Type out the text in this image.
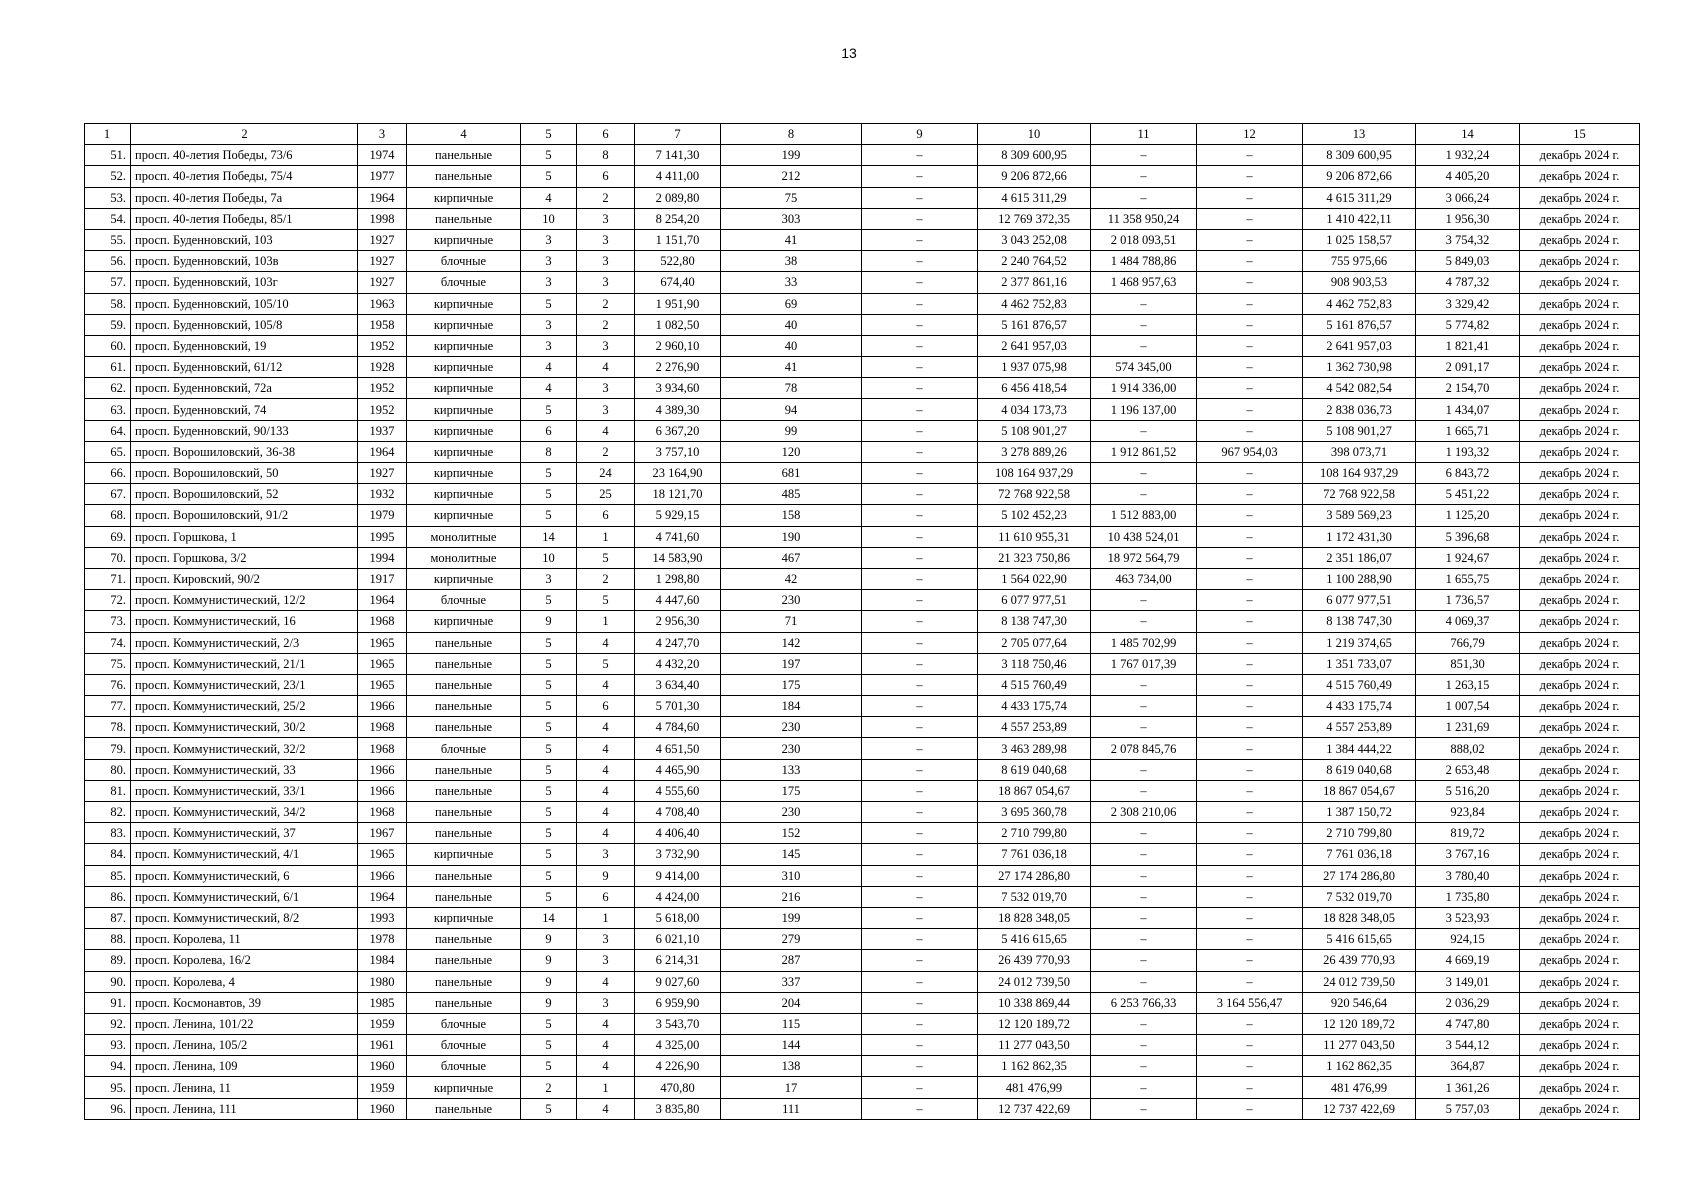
13
1	2	3	4	5	6	7	8	9	10	11	12	13	14	15
51.	просп. 40-летия Победы, 73/6	1974	панельные	5	8	7 141,30	199	–	8 309 600,95	–	–	8 309 600,95	1 932,24	декабрь 2024 г.
52.	просп. 40-летия Победы, 75/4	1977	панельные	5	6	4 411,00	212	–	9 206 872,66	–	–	9 206 872,66	4 405,20	декабрь 2024 г.
53.	просп. 40-летия Победы, 7а	1964	кирпичные	4	2	2 089,80	75	–	4 615 311,29	–	–	4 615 311,29	3 066,24	декабрь 2024 г.
54.	просп. 40-летия Победы, 85/1	1998	панельные	10	3	8 254,20	303	–	12 769 372,35	11 358 950,24	–	1 410 422,11	1 956,30	декабрь 2024 г.
55.	просп. Буденновский, 103	1927	кирпичные	3	3	1 151,70	41	–	3 043 252,08	2 018 093,51	–	1 025 158,57	3 754,32	декабрь 2024 г.
56.	просп. Буденновский, 103в	1927	блочные	3	3	522,80	38	–	2 240 764,52	1 484 788,86	–	755 975,66	5 849,03	декабрь 2024 г.
57.	просп. Буденновский, 103г	1927	блочные	3	3	674,40	33	–	2 377 861,16	1 468 957,63	–	908 903,53	4 787,32	декабрь 2024 г.
58.	просп. Буденновский, 105/10	1963	кирпичные	5	2	1 951,90	69	–	4 462 752,83	–	–	4 462 752,83	3 329,42	декабрь 2024 г.
59.	просп. Буденновский, 105/8	1958	кирпичные	3	2	1 082,50	40	–	5 161 876,57	–	–	5 161 876,57	5 774,82	декабрь 2024 г.
60.	просп. Буденновский, 19	1952	кирпичные	3	3	2 960,10	40	–	2 641 957,03	–	–	2 641 957,03	1 821,41	декабрь 2024 г.
61.	просп. Буденновский, 61/12	1928	кирпичные	4	4	2 276,90	41	–	1 937 075,98	574 345,00	–	1 362 730,98	2 091,17	декабрь 2024 г.
62.	просп. Буденновский, 72а	1952	кирпичные	4	3	3 934,60	78	–	6 456 418,54	1 914 336,00	–	4 542 082,54	2 154,70	декабрь 2024 г.
63.	просп. Буденновский, 74	1952	кирпичные	5	3	4 389,30	94	–	4 034 173,73	1 196 137,00	–	2 838 036,73	1 434,07	декабрь 2024 г.
64.	просп. Буденновский, 90/133	1937	кирпичные	6	4	6 367,20	99	–	5 108 901,27	–	–	5 108 901,27	1 665,71	декабрь 2024 г.
65.	просп. Ворошиловский, 36-38	1964	кирпичные	8	2	3 757,10	120	–	3 278 889,26	1 912 861,52	967 954,03	398 073,71	1 193,32	декабрь 2024 г.
66.	просп. Ворошиловский, 50	1927	кирпичные	5	24	23 164,90	681	–	108 164 937,29	–	–	108 164 937,29	6 843,72	декабрь 2024 г.
67.	просп. Ворошиловский, 52	1932	кирпичные	5	25	18 121,70	485	–	72 768 922,58	–	–	72 768 922,58	5 451,22	декабрь 2024 г.
68.	просп. Ворошиловский, 91/2	1979	кирпичные	5	6	5 929,15	158	–	5 102 452,23	1 512 883,00	–	3 589 569,23	1 125,20	декабрь 2024 г.
69.	просп. Горшкова, 1	1995	монолитные	14	1	4 741,60	190	–	11 610 955,31	10 438 524,01	–	1 172 431,30	5 396,68	декабрь 2024 г.
70.	просп. Горшкова, 3/2	1994	монолитные	10	5	14 583,90	467	–	21 323 750,86	18 972 564,79	–	2 351 186,07	1 924,67	декабрь 2024 г.
71.	просп. Кировский, 90/2	1917	кирпичные	3	2	1 298,80	42	–	1 564 022,90	463 734,00	–	1 100 288,90	1 655,75	декабрь 2024 г.
72.	просп. Коммунистический, 12/2	1964	блочные	5	5	4 447,60	230	–	6 077 977,51	–	–	6 077 977,51	1 736,57	декабрь 2024 г.
73.	просп. Коммунистический, 16	1968	кирпичные	9	1	2 956,30	71	–	8 138 747,30	–	–	8 138 747,30	4 069,37	декабрь 2024 г.
74.	просп. Коммунистический, 2/3	1965	панельные	5	4	4 247,70	142	–	2 705 077,64	1 485 702,99	–	1 219 374,65	766,79	декабрь 2024 г.
75.	просп. Коммунистический, 21/1	1965	панельные	5	5	4 432,20	197	–	3 118 750,46	1 767 017,39	–	1 351 733,07	851,30	декабрь 2024 г.
76.	просп. Коммунистический, 23/1	1965	панельные	5	4	3 634,40	175	–	4 515 760,49	–	–	4 515 760,49	1 263,15	декабрь 2024 г.
77.	просп. Коммунистический, 25/2	1966	панельные	5	6	5 701,30	184	–	4 433 175,74	–	–	4 433 175,74	1 007,54	декабрь 2024 г.
78.	просп. Коммунистический, 30/2	1968	панельные	5	4	4 784,60	230	–	4 557 253,89	–	–	4 557 253,89	1 231,69	декабрь 2024 г.
79.	просп. Коммунистический, 32/2	1968	блочные	5	4	4 651,50	230	–	3 463 289,98	2 078 845,76	–	1 384 444,22	888,02	декабрь 2024 г.
80.	просп. Коммунистический, 33	1966	панельные	5	4	4 465,90	133	–	8 619 040,68	–	–	8 619 040,68	2 653,48	декабрь 2024 г.
81.	просп. Коммунистический, 33/1	1966	панельные	5	4	4 555,60	175	–	18 867 054,67	–	–	18 867 054,67	5 516,20	декабрь 2024 г.
82.	просп. Коммунистический, 34/2	1968	панельные	5	4	4 708,40	230	–	3 695 360,78	2 308 210,06	–	1 387 150,72	923,84	декабрь 2024 г.
83.	просп. Коммунистический, 37	1967	панельные	5	4	4 406,40	152	–	2 710 799,80	–	–	2 710 799,80	819,72	декабрь 2024 г.
84.	просп. Коммунистический, 4/1	1965	кирпичные	5	3	3 732,90	145	–	7 761 036,18	–	–	7 761 036,18	3 767,16	декабрь 2024 г.
85.	просп. Коммунистический, 6	1966	панельные	5	9	9 414,00	310	–	27 174 286,80	–	–	27 174 286,80	3 780,40	декабрь 2024 г.
86.	просп. Коммунистический, 6/1	1964	панельные	5	6	4 424,00	216	–	7 532 019,70	–	–	7 532 019,70	1 735,80	декабрь 2024 г.
87.	просп. Коммунистический, 8/2	1993	кирпичные	14	1	5 618,00	199	–	18 828 348,05	–	–	18 828 348,05	3 523,93	декабрь 2024 г.
88.	просп. Королева, 11	1978	панельные	9	3	6 021,10	279	–	5 416 615,65	–	–	5 416 615,65	924,15	декабрь 2024 г.
89.	просп. Королева, 16/2	1984	панельные	9	3	6 214,31	287	–	26 439 770,93	–	–	26 439 770,93	4 669,19	декабрь 2024 г.
90.	просп. Королева, 4	1980	панельные	9	4	9 027,60	337	–	24 012 739,50	–	–	24 012 739,50	3 149,01	декабрь 2024 г.
91.	просп. Космонавтов, 39	1985	панельные	9	3	6 959,90	204	–	10 338 869,44	6 253 766,33	3 164 556,47	920 546,64	2 036,29	декабрь 2024 г.
92.	просп. Ленина, 101/22	1959	блочные	5	4	3 543,70	115	–	12 120 189,72	–	–	12 120 189,72	4 747,80	декабрь 2024 г.
93.	просп. Ленина, 105/2	1961	блочные	5	4	4 325,00	144	–	11 277 043,50	–	–	11 277 043,50	3 544,12	декабрь 2024 г.
94.	просп. Ленина, 109	1960	блочные	5	4	4 226,90	138	–	1 162 862,35	–	–	1 162 862,35	364,87	декабрь 2024 г.
95.	просп. Ленина, 11	1959	кирпичные	2	1	470,80	17	–	481 476,99	–	–	481 476,99	1 361,26	декабрь 2024 г.
96.	просп. Ленина, 111	1960	панельные	5	4	3 835,80	111	–	12 737 422,69	–	–	12 737 422,69	5 757,03	декабрь 2024 г.
